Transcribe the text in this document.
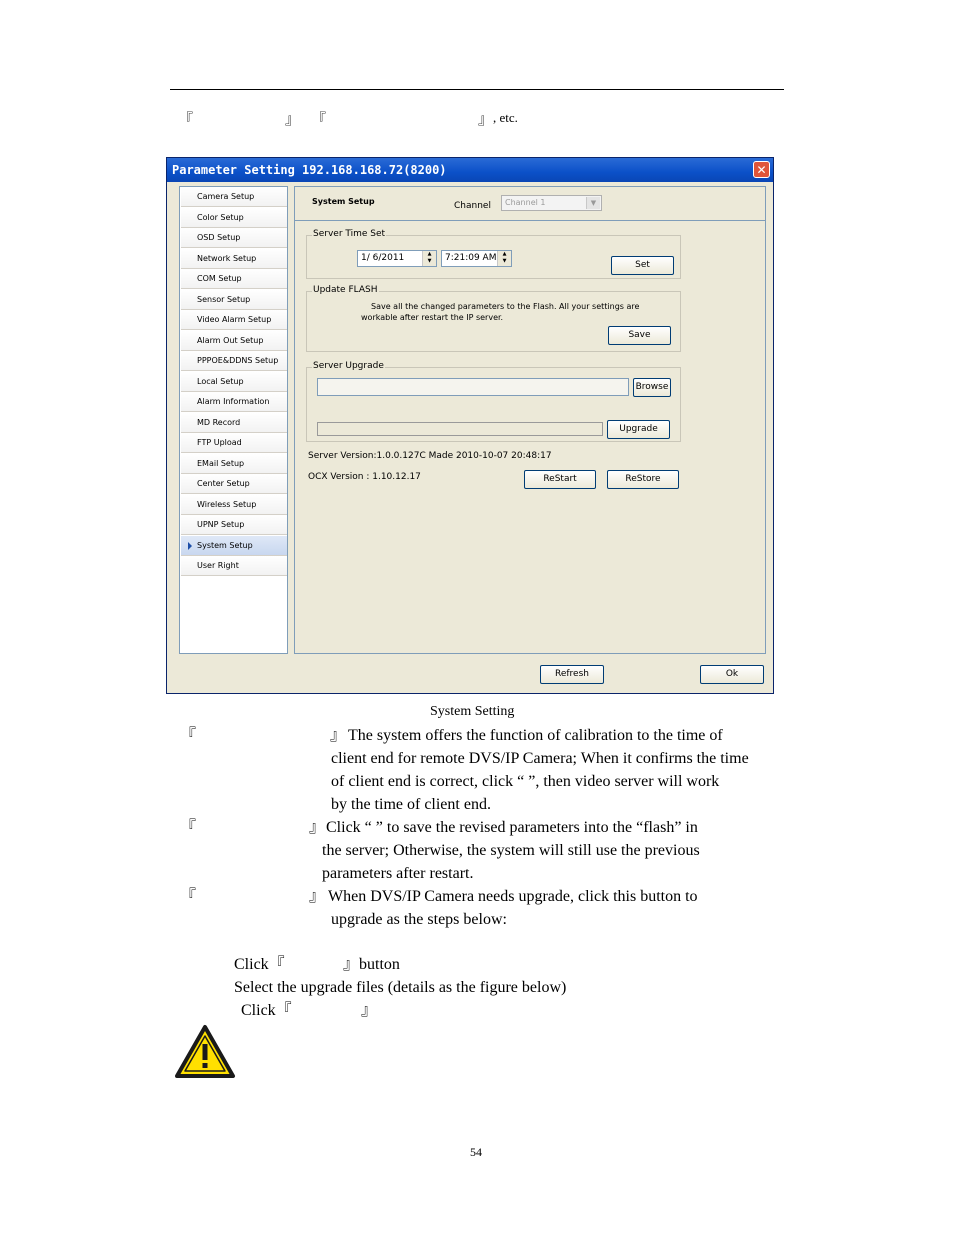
『	』 『	』 , etc.
Parameter Setting 192.168.168.72(8200)	✕
Camera Setup
Color Setup
OSD Setup
Network Setup
COM Setup
Sensor Setup
Video Alarm Setup
Alarm Out Setup
PPPOE&DDNS Setup
Local Setup
Alarm Information
MD Record
FTP Upload
EMail Setup
Center Setup
Wireless Setup
UPNP Setup
System Setup
User Right
System Setup	Channel	Channel 1	▼
Server Time Set
1/ 6/2011	▲
▼	7:21:09 AM	▲
▼	Set
Update FLASH
Save all the changed parameters to the Flash. All your settings are
workable after restart the IP server.
Save
Server Upgrade
Browse
Upgrade
Server Version:1.0.0.127C Made 2010-10-07 20:48:17
OCX Version : 1.10.12.17	ReStart	ReStore
Refresh	Ok
System Setting
『	』 The system offers the function of calibration to the time of
client end for remote DVS/IP Camera; When it confirms the time
of client end is correct, click “ ”, then video server will work
by the time of client end.
『	』 Click “ ” to save the revised parameters into the “flash” in
the server; Otherwise, the system will still use the previous
parameters after restart.
『	』 When DVS/IP Camera needs upgrade, click this button to
upgrade as the steps below:
Click『	』button
Select the upgrade files (details as the figure below)
Click『	』
54
